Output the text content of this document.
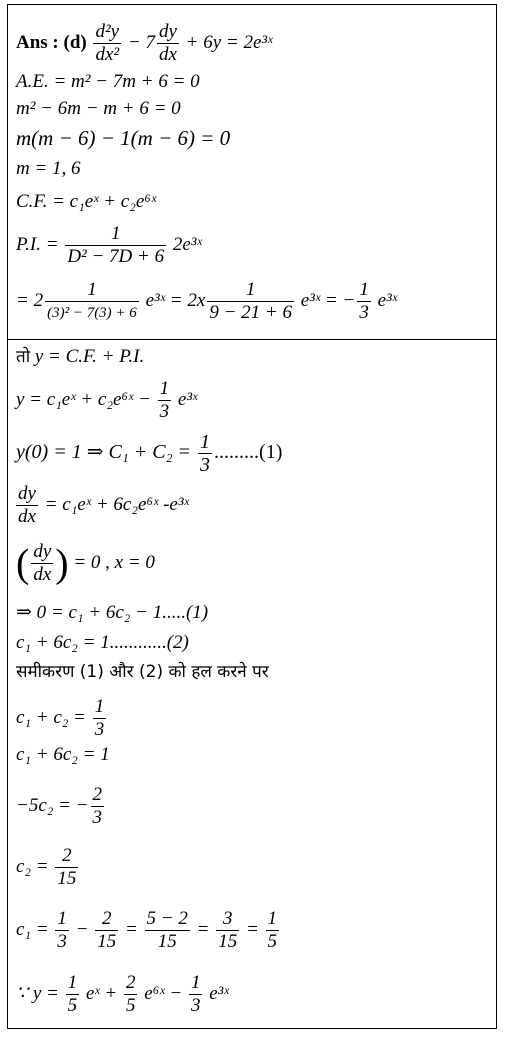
Ans : $(d) \frac{\text{d²y}}{\text{dx²}} - 7 \frac{dy}{dx} + 6y$ = 2e³ˣ
A.E. = m² − 7m + 6 = 0
m² − 6m − m + 6 = 0
m(m − 6) − 1(m − 6) = 0
m = 1, 6
C.F. = c₁eˣ + c₂e⁶ˣ
P.I. = $\frac{1}{\text{D² − 7D + 6}}$ 2e³ˣ
= $2 \frac{1}{\text{(3)² − 7(3) + 6}}$ e³ˣ = $2x \frac{1}{9 - 21 + 6}$ e³ˣ = − $\frac{1}{3}$ e³ˣ
तो y = C.F. + P.I.
y = c₁eˣ + c₂e⁶ˣ − $\frac{1}{3}$ e³ˣ
y(0) = 1 ⇒ $C_1 + C_2 = \frac{1}{3} .........(1)$
$\frac{dy}{dx}$ = c₁eˣ + 6c₂e⁶ˣ -e³ˣ
( $\frac{dy}{dx}$ ) = 0 , x = 0
⇒ 0 = c₁ + 6c₂ − 1.....(1)
c₁ + 6c₂ = 1............(2)
समीकरण (1) और (2) को हल करने पर
$c_1 + c_2 = \frac{1}{3}$
c₁ + 6c₂ = 1
−5c₂ = − $\frac{2}{3}$
$c_2 = \frac{2}{15}$
$c_1 = \frac{1}{3} - \frac{2}{15} = \frac{5 - 2}{15} = \frac{3}{15} = \frac{1}{5}$
∵ $y = \frac{1}{5}$ eˣ + $\frac{2}{5}$ e⁶ˣ − $\frac{1}{3}$ e³ˣ
